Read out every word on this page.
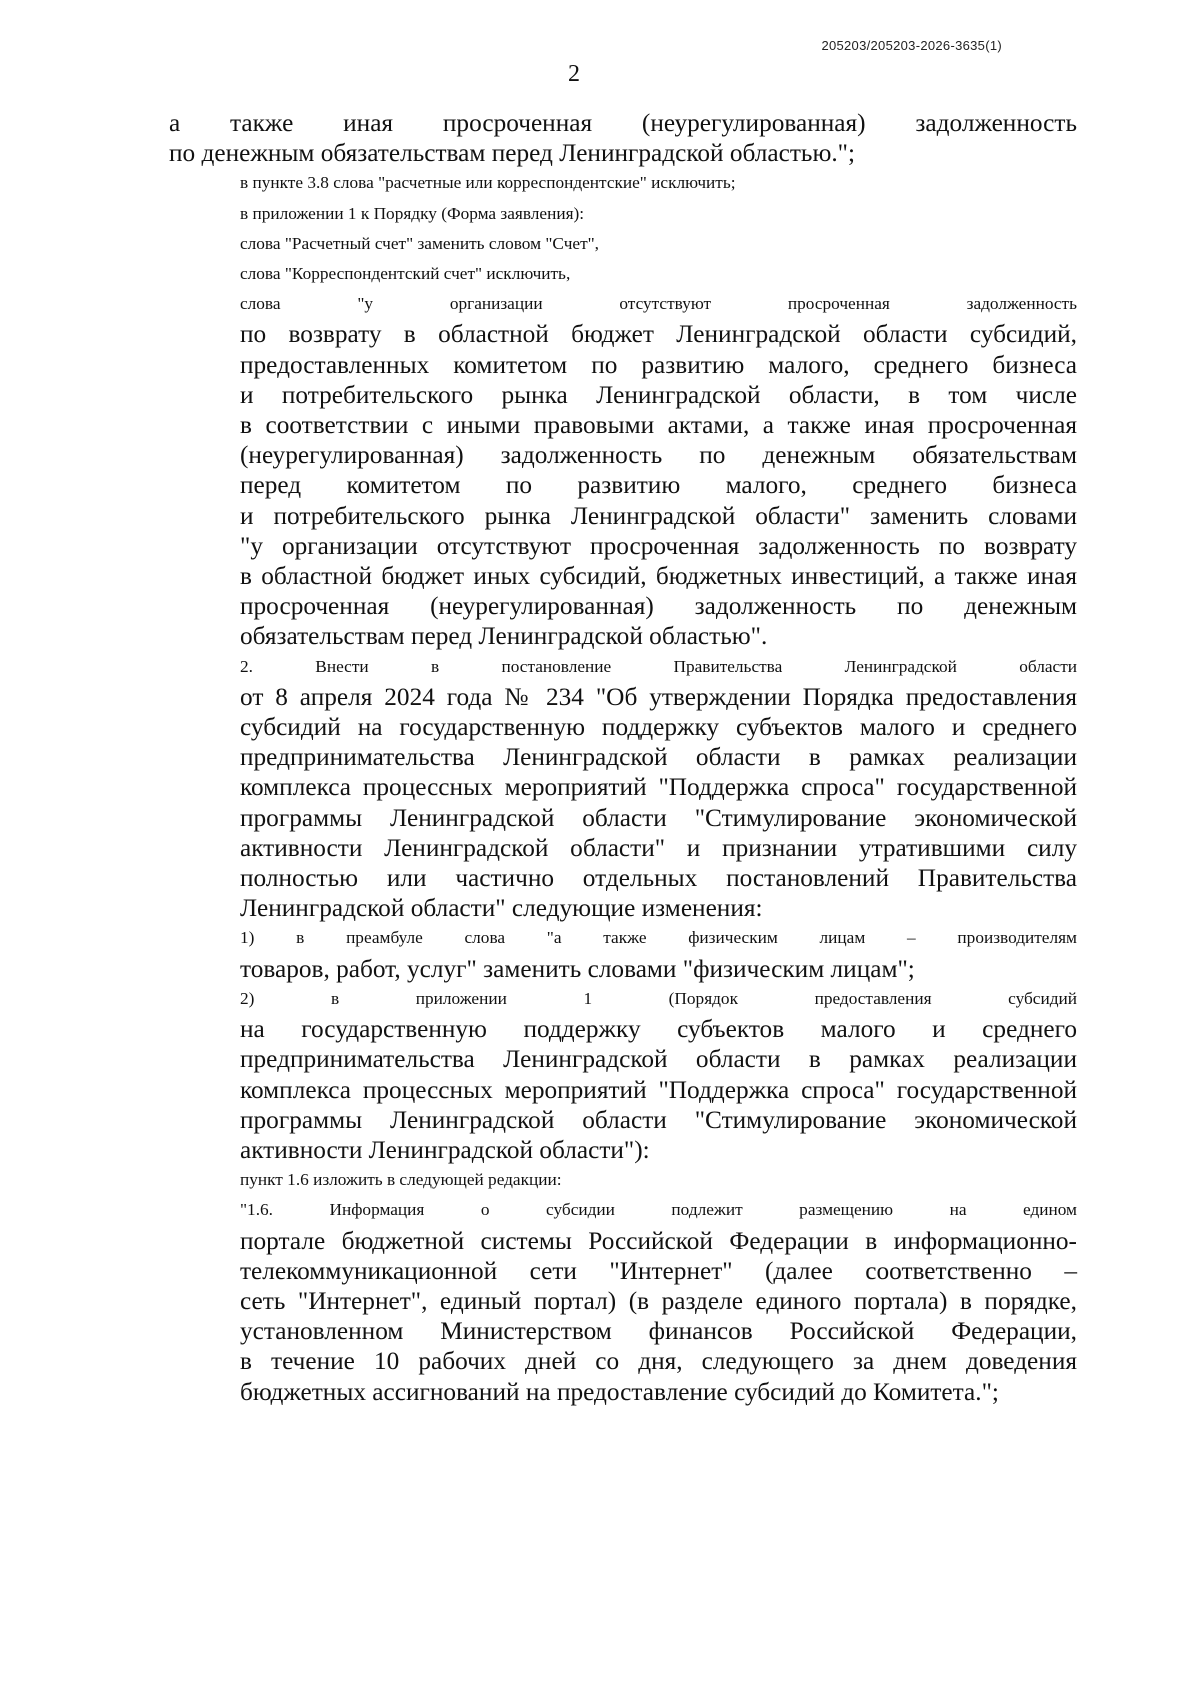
205203/205203-2026-3635(1)
2
а также иная просроченная (неурегулированная) задолженность
по денежным обязательствам перед Ленинградской областью.";
в пункте 3.8 слова "расчетные или корреспондентские" исключить;
в приложении 1 к Порядку (Форма заявления):
слова "Расчетный счет" заменить словом "Счет",
слова "Корреспондентский счет" исключить,
слова "у организации отсутствуют просроченная задолженность
по возврату в областной бюджет Ленинградской области субсидий,
предоставленных комитетом по развитию малого, среднего бизнеса
и потребительского рынка Ленинградской области, в том числе
в соответствии с иными правовыми актами, а также иная просроченная
(неурегулированная) задолженность по денежным обязательствам
перед комитетом по развитию малого, среднего бизнеса
и потребительского рынка Ленинградской области" заменить словами
"у организации отсутствуют просроченная задолженность по возврату
в областной бюджет иных субсидий, бюджетных инвестиций, а также иная
просроченная (неурегулированная) задолженность по денежным
обязательствам перед Ленинградской областью".
2. Внести в постановление Правительства Ленинградской области
от 8 апреля 2024 года № 234 "Об утверждении Порядка предоставления
субсидий на государственную поддержку субъектов малого и среднего
предпринимательства Ленинградской области в рамках реализации
комплекса процессных мероприятий "Поддержка спроса" государственной
программы Ленинградской области "Стимулирование экономической
активности Ленинградской области" и признании утратившими силу
полностью или частично отдельных постановлений Правительства
Ленинградской области" следующие изменения:
1) в преамбуле слова "а также физическим лицам – производителям
товаров, работ, услуг" заменить словами "физическим лицам";
2) в приложении 1 (Порядок предоставления субсидий
на государственную поддержку субъектов малого и среднего
предпринимательства Ленинградской области в рамках реализации
комплекса процессных мероприятий "Поддержка спроса" государственной
программы Ленинградской области "Стимулирование экономической
активности Ленинградской области"):
пункт 1.6 изложить в следующей редакции:
"1.6. Информация о субсидии подлежит размещению на едином
портале бюджетной системы Российской Федерации в информационно-
телекоммуникационной сети "Интернет" (далее соответственно –
сеть "Интернет", единый портал) (в разделе единого портала) в порядке,
установленном Министерством финансов Российской Федерации,
в течение 10 рабочих дней со дня, следующего за днем доведения
бюджетных ассигнований на предоставление субсидий до Комитета.";
